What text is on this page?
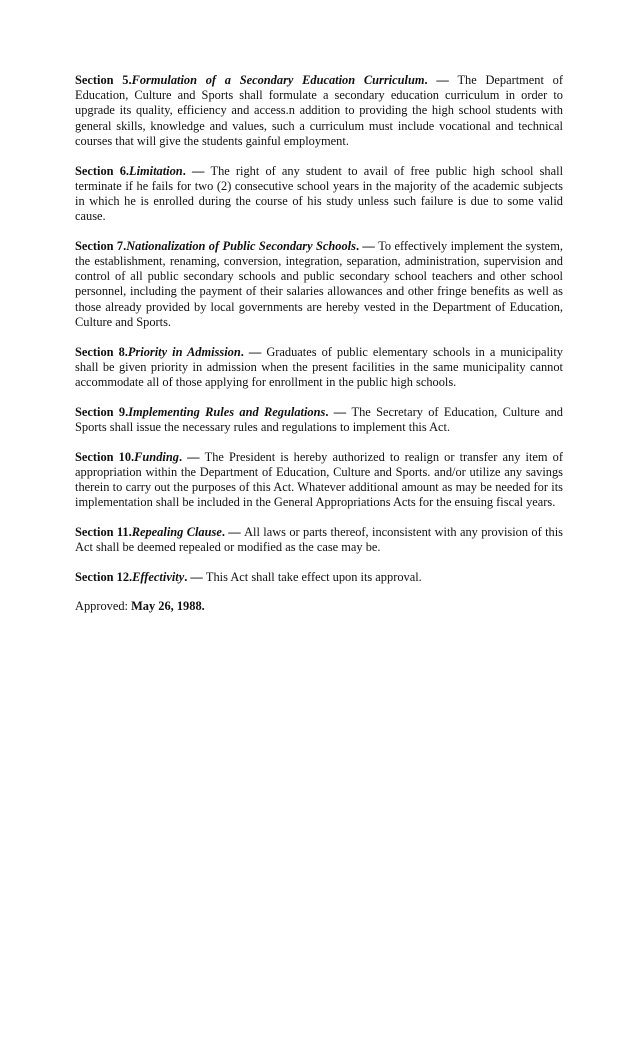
Section 5.Formulation of a Secondary Education Curriculum. — The Department of Education, Culture and Sports shall formulate a secondary education curriculum in order to upgrade its quality, efficiency and access.n addition to providing the high school students with general skills, knowledge and values, such a curriculum must include vocational and technical courses that will give the students gainful employment.

Section 6.Limitation. — The right of any student to avail of free public high school shall terminate if he fails for two (2) consecutive school years in the majority of the academic subjects in which he is enrolled during the course of his study unless such failure is due to some valid cause.

Section 7.Nationalization of Public Secondary Schools. — To effectively implement the system, the establishment, renaming, conversion, integration, separation, administration, supervision and control of all public secondary schools and public secondary school teachers and other school personnel, including the payment of their salaries allowances and other fringe benefits as well as those already provided by local governments are hereby vested in the Department of Education, Culture and Sports.

Section 8.Priority in Admission. — Graduates of public elementary schools in a municipality shall be given priority in admission when the present facilities in the same municipality cannot accommodate all of those applying for enrollment in the public high schools.

Section 9.Implementing Rules and Regulations. — The Secretary of Education, Culture and Sports shall issue the necessary rules and regulations to implement this Act.

Section 10.Funding. — The President is hereby authorized to realign or transfer any item of appropriation within the Department of Education, Culture and Sports. and/or utilize any savings therein to carry out the purposes of this Act. Whatever additional amount as may be needed for its implementation shall be included in the General Appropriations Acts for the ensuing fiscal years.

Section 11.Repealing Clause. — All laws or parts thereof, inconsistent with any provision of this Act shall be deemed repealed or modified as the case may be.

Section 12.Effectivity. — This Act shall take effect upon its approval.

Approved: May 26, 1988.
